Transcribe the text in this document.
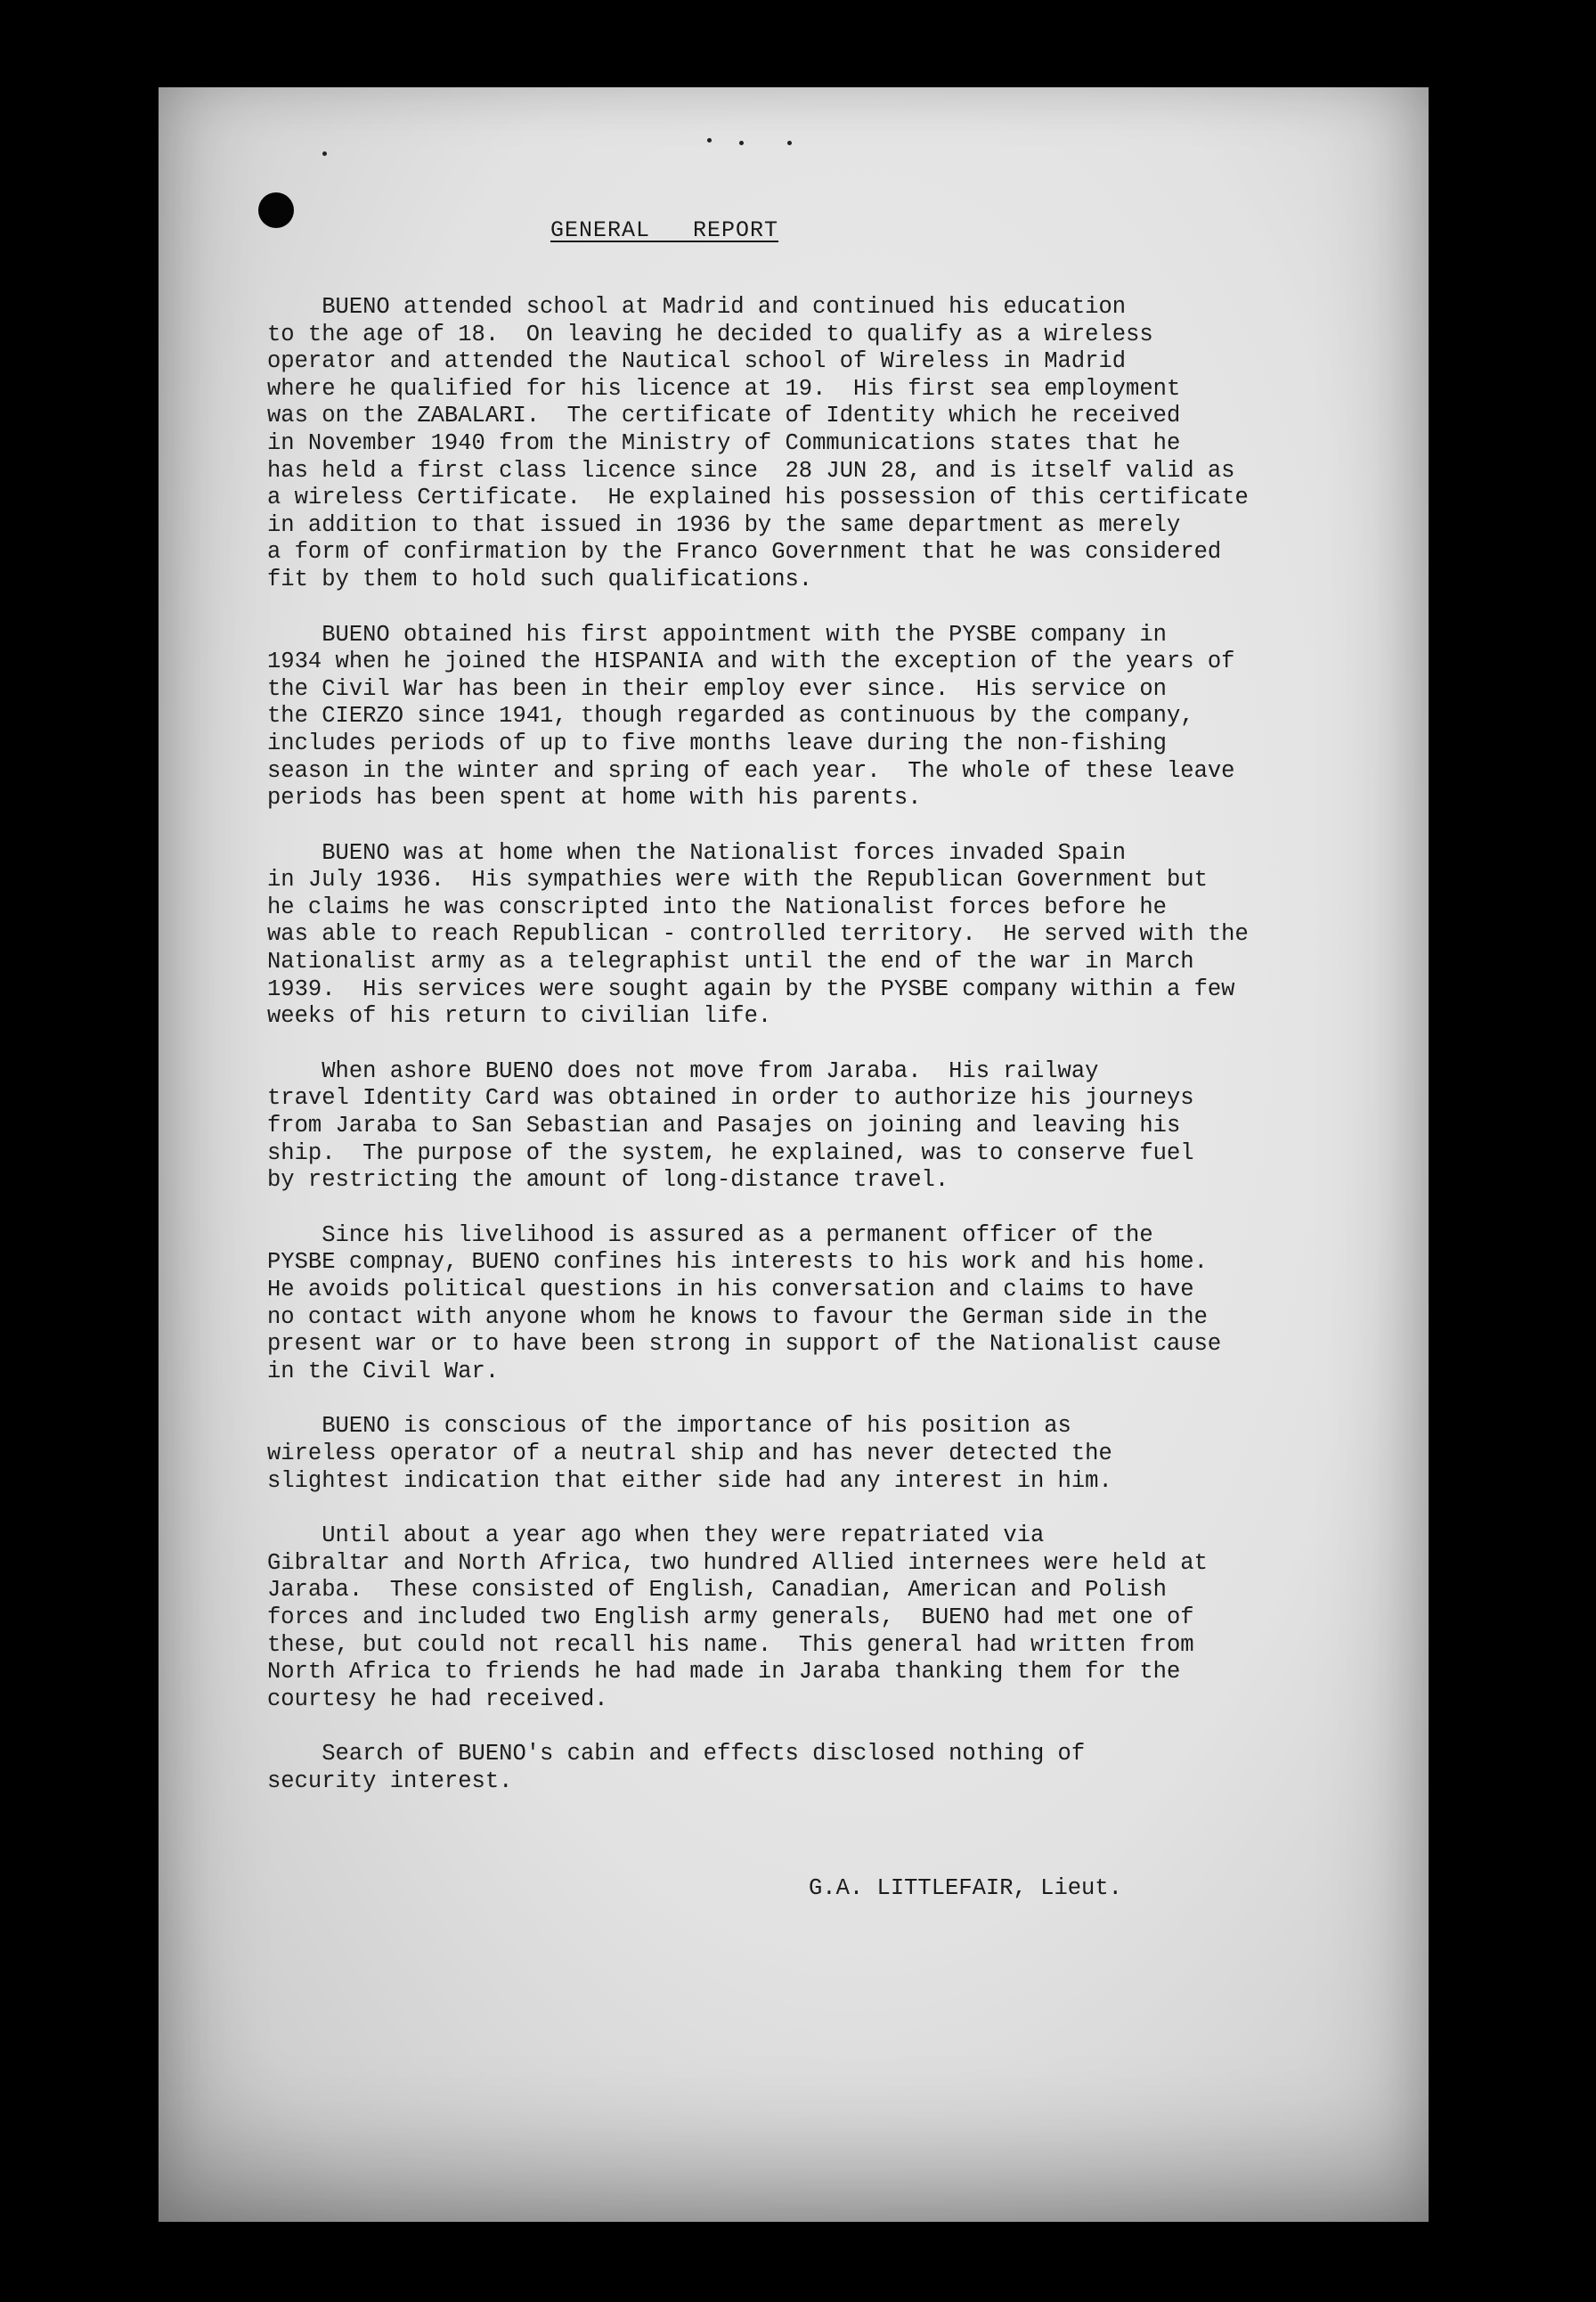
GENERAL   REPORT
BUENO attended school at Madrid and continued his education
to the age of 18.  On leaving he decided to qualify as a wireless
operator and attended the Nautical school of Wireless in Madrid
where he qualified for his licence at 19.  His first sea employment
was on the ZABALARI.  The certificate of Identity which he received
in November 1940 from the Ministry of Communications states that he
has held a first class licence since  28 JUN 28, and is itself valid as
a wireless Certificate.  He explained his possession of this certificate
in addition to that issued in 1936 by the same department as merely
a form of confirmation by the Franco Government that he was considered
fit by them to hold such qualifications.
BUENO obtained his first appointment with the PYSBE company in
1934 when he joined the HISPANIA and with the exception of the years of
the Civil War has been in their employ ever since.  His service on
the CIERZO since 1941, though regarded as continuous by the company,
includes periods of up to five months leave during the non-fishing
season in the winter and spring of each year.  The whole of these leave
periods has been spent at home with his parents.
BUENO was at home when the Nationalist forces invaded Spain
in July 1936.  His sympathies were with the Republican Government but
he claims he was conscripted into the Nationalist forces before he
was able to reach Republican - controlled territory.  He served with the
Nationalist army as a telegraphist until the end of the war in March
1939.  His services were sought again by the PYSBE company within a few
weeks of his return to civilian life.
When ashore BUENO does not move from Jaraba.  His railway
travel Identity Card was obtained in order to authorize his journeys
from Jaraba to San Sebastian and Pasajes on joining and leaving his
ship.  The purpose of the system, he explained, was to conserve fuel
by restricting the amount of long-distance travel.
Since his livelihood is assured as a permanent officer of the
PYSBE compnay, BUENO confines his interests to his work and his home.
He avoids political questions in his conversation and claims to have
no contact with anyone whom he knows to favour the German side in the
present war or to have been strong in support of the Nationalist cause
in the Civil War.
BUENO is conscious of the importance of his position as
wireless operator of a neutral ship and has never detected the
slightest indication that either side had any interest in him.
Until about a year ago when they were repatriated via
Gibraltar and North Africa, two hundred Allied internees were held at
Jaraba.  These consisted of English, Canadian, American and Polish
forces and included two English army generals,  BUENO had met one of
these, but could not recall his name.  This general had written from
North Africa to friends he had made in Jaraba thanking them for the
courtesy he had received.
Search of BUENO's cabin and effects disclosed nothing of
security interest.
G.A. LITTLEFAIR, Lieut.
